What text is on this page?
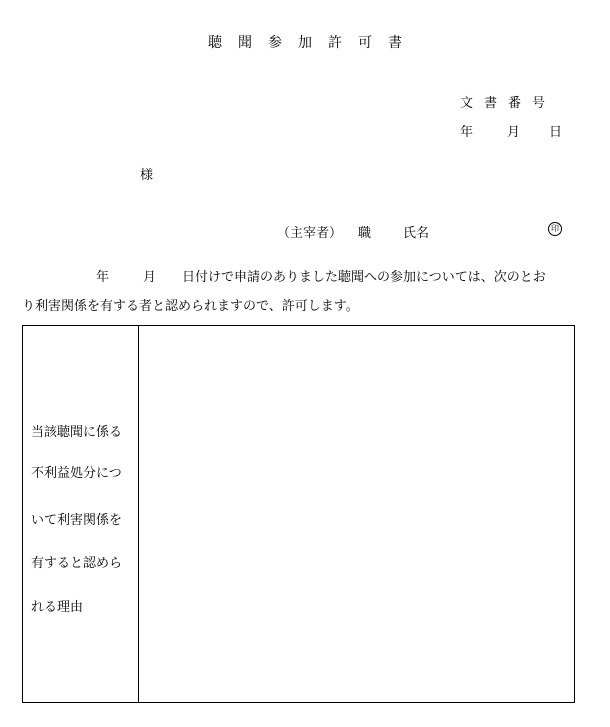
聴聞参加許可書
文書番号
年	月 日
様
（主宰者） 職 氏名	印
年	月 日付けで申請のありました聴聞への参加については、次のとお
り利害関係を有する者と認められますので、許可します。
当該聴聞に係る
不利益処分につ
いて利害関係を
有すると認めら
れる理由
